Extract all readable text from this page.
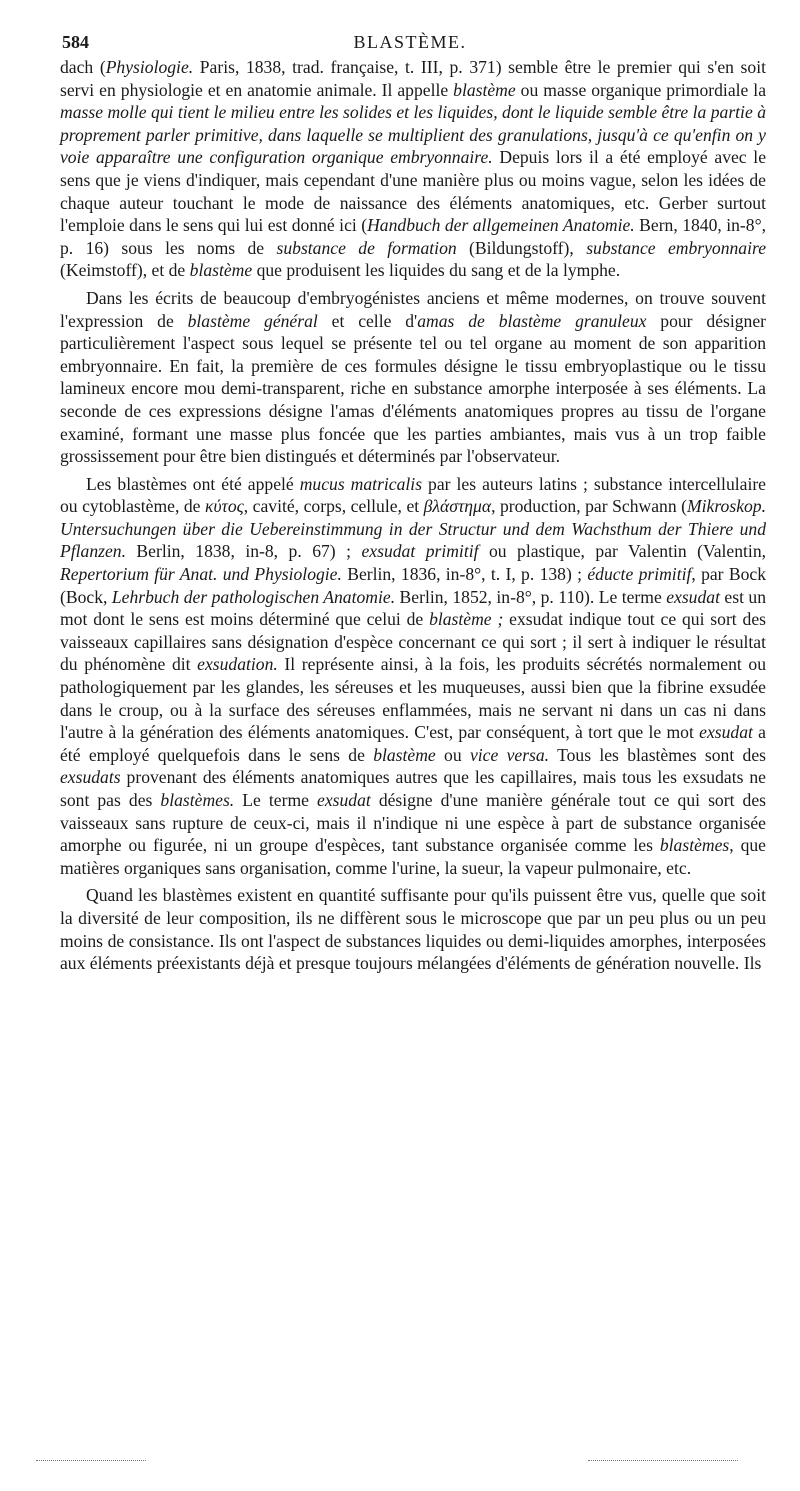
584	BLASTÈME.

dach (Physiologie. Paris, 1838, trad. française, t. III, p. 371) semble être le premier qui s'en soit servi en physiologie et en anatomie animale. Il appelle blastème ou masse organique primordiale la masse molle qui tient le milieu entre les solides et les liquides, dont le liquide semble être la partie à proprement parler primitive, dans laquelle se multiplient des granulations, jusqu'à ce qu'enfin on y voie apparaître une configuration organique embryonnaire. Depuis lors il a été employé avec le sens que je viens d'indiquer, mais cependant d'une manière plus ou moins vague, selon les idées de chaque auteur touchant le mode de naissance des éléments anatomiques, etc. Gerber surtout l'emploie dans le sens qui lui est donné ici (Handbuch der allgemeinen Anatomie. Bern, 1840, in-8°, p. 16) sous les noms de substance de formation (Bildungstoff), substance embryonnaire (Keimstoff), et de blastème que produisent les liquides du sang et de la lymphe.

Dans les écrits de beaucoup d'embryogénistes anciens et même modernes, on trouve souvent l'expression de blastème général et celle d'amas de blastème granuleux pour désigner particulièrement l'aspect sous lequel se présente tel ou tel organe au moment de son apparition embryonnaire. En fait, la première de ces formules désigne le tissu embryoplastique ou le tissu lamineux encore mou demi-transparent, riche en substance amorphe interposée à ses éléments. La seconde de ces expressions désigne l'amas d'éléments anatomiques propres au tissu de l'organe examiné, formant une masse plus foncée que les parties ambiantes, mais vus à un trop faible grossissement pour être bien distingués et déterminés par l'observateur.

Les blastèmes ont été appelé mucus matricalis par les auteurs latins ; substance intercellulaire ou cytoblastème, de κύτος, cavité, corps, cellule, et βλάστημα, production, par Schwann (Mikroskop. Untersuchungen über die Uebereinstimmung in der Structur und dem Wachsthum der Thiere und Pflanzen. Berlin, 1838, in-8, p. 67) ; exsudat primitif ou plastique, par Valentin (Valentin, Repertorium für Anat. und Physiologie. Berlin, 1836, in-8°, t. I, p. 138) ; éducte primitif, par Bock (Bock, Lehrbuch der pathologischen Anatomie. Berlin, 1852, in-8°, p. 110). Le terme exsudat est un mot dont le sens est moins déterminé que celui de blastème ; exsudat indique tout ce qui sort des vaisseaux capillaires sans désignation d'espèce concernant ce qui sort ; il sert à indiquer le résultat du phénomène dit exsudation. Il représente ainsi, à la fois, les produits sécrétés normalement ou pathologiquement par les glandes, les séreuses et les muqueuses, aussi bien que la fibrine exsudée dans le croup, ou à la surface des séreuses enflammées, mais ne servant ni dans un cas ni dans l'autre à la génération des éléments anatomiques. C'est, par conséquent, à tort que le mot exsudat a été employé quelquefois dans le sens de blastème ou vice versa. Tous les blastèmes sont des exsudats provenant des éléments anatomiques autres que les capillaires, mais tous les exsudats ne sont pas des blastèmes. Le terme exsudat désigne d'une manière générale tout ce qui sort des vaisseaux sans rupture de ceux-ci, mais il n'indique ni une espèce à part de substance organisée amorphe ou figurée, ni un groupe d'espèces, tant substance organisée comme les blastèmes, que matières organiques sans organisation, comme l'urine, la sueur, la vapeur pulmonaire, etc.

Quand les blastèmes existent en quantité suffisante pour qu'ils puissent être vus, quelle que soit la diversité de leur composition, ils ne diffèrent sous le microscope que par un peu plus ou un peu moins de consistance. Ils ont l'aspect de substances liquides ou demi-liquides amorphes, interposées aux éléments préexistants déjà et presque toujours mélangées d'éléments de génération nouvelle. Ils
